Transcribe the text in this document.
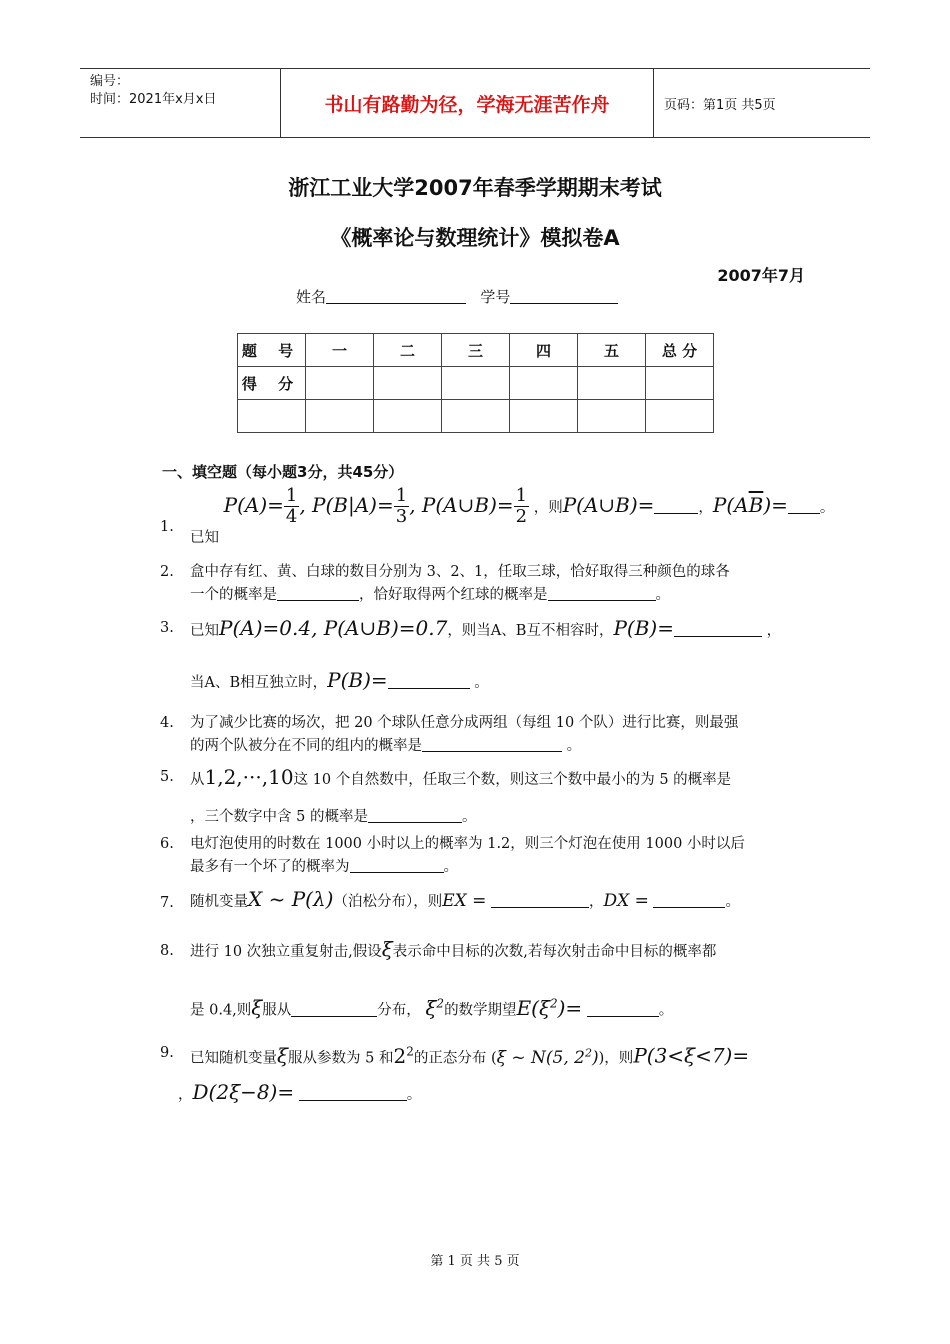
编号：
时间：2021年x月x日	书山有路勤为径，学海无涯苦作舟	页码：第1页 共5页
浙江工业大学2007年春季学期期末考试
《概率论与数理统计》模拟卷A
2007年7月
姓名	学号
题 号	一	二	三	四	五	总 分
得 分						

一、填空题（每小题3分，共45分）
1.
已知 $P(A)= \frac{1}{4}$ , $P(B|A)= \frac{1}{3}$ , P(A∪B)= $\frac{1}{2}$ ，则P(A∪B)=	，$P(A\overline{B})=$ 。
2. 盒中存有红、黄、白球的数目分别为 3、2、1，任取三球，恰好取得三种颜色的球各
一个的概率是	，恰好取得两个红球的概率是	。
3. 已知P(A)=0.4, P(A∪B)=0.7，则当A、B互不相容时，P(B)=	，
当A、B相互独立时，P(B)=	。
4. 为了减少比赛的场次，把 20 个球队任意分成两组（每组 10 个队）进行比赛，则最强
的两个队被分在不同的组内的概率是	。
5. 从1,2,···,10这 10 个自然数中，任取三个数，则这三个数中最小的为 5 的概率是
，三个数字中含 5 的概率是	。
6. 电灯泡使用的时数在 1000 小时以上的概率为 1.2，则三个灯泡在使用 1000 小时以后
最多有一个坏了的概率为	。
7. 随机变量X ~ P(λ)（泊松分布），则EX =	，DX =	。
8. 进行 10 次独立重复射击,假设ξ表示命中目标的次数,若每次射击命中目标的概率都
是 0.4,则ξ服从	分布， $\xi^2$的数学期望$E(\xi^2)=$	。
9. 已知随机变量ξ服从参数为 5 和$2^2$的正态分布 (ξ ~ N(5, $2^2$))，则P(3<ξ<7)=
，D(2ξ−8)=	。
第 1 页 共 5 页
